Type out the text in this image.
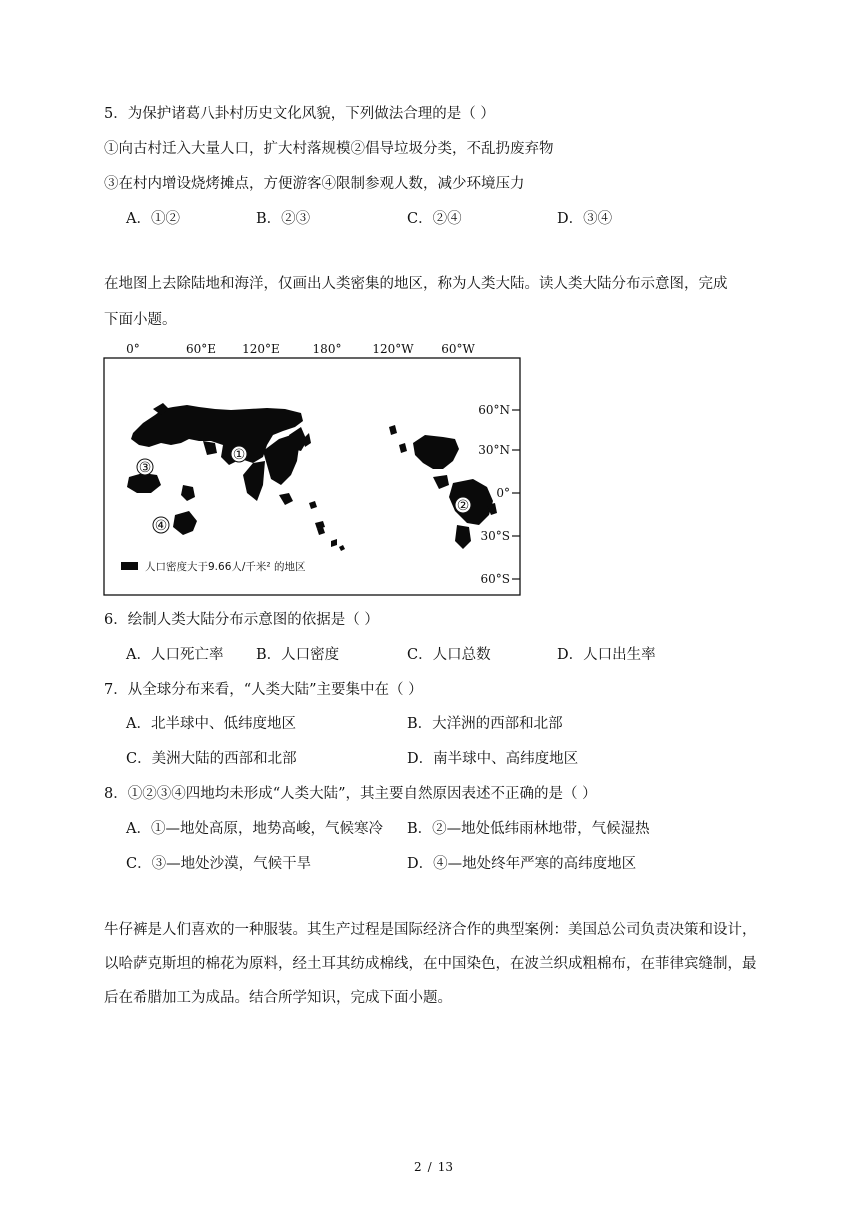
5．为保护诸葛八卦村历史文化风貌，下列做法合理的是（ ）
①向古村迁入大量人口，扩大村落规模②倡导垃圾分类，不乱扔废弃物
③在村内增设烧烤摊点，方便游客④限制参观人数，减少环境压力
A．①②	B．②③	C．②④	D．③④
在地图上去除陆地和海洋，仅画出人类密集的地区，称为人类大陆。读人类大陆分布示意图，完成
下面小题。
0°	60°E 120°E	180°	120°W 60°W
60°N
30°N
0°
30°S
60°S
①
②
③
④
人口密度大于9.66人/千米² 的地区
6．绘制人类大陆分布示意图的依据是（ ）
A．人口死亡率 B．人口密度	C．人口总数	D．人口出生率
7．从全球分布来看，“人类大陆”主要集中在（ ）
A．北半球中、低纬度地区	B．大洋洲的西部和北部
C．美洲大陆的西部和北部	D．南半球中、高纬度地区
8．①②③④四地均未形成“人类大陆”，其主要自然原因表述不正确的是（ ）
A．①—地处高原，地势高峻，气候寒冷 B．②—地处低纬雨林地带，气候湿热
C．③—地处沙漠，气候干旱	D．④—地处终年严寒的高纬度地区
牛仔裤是人们喜欢的一种服装。其生产过程是国际经济合作的典型案例：美国总公司负责决策和设计，以哈萨克斯坦的棉花为原料，经土耳其纺成棉线，在中国染色，在波兰织成粗棉布，在菲律宾缝制，最后在希腊加工为成品。结合所学知识，完成下面小题。
2 / 13
